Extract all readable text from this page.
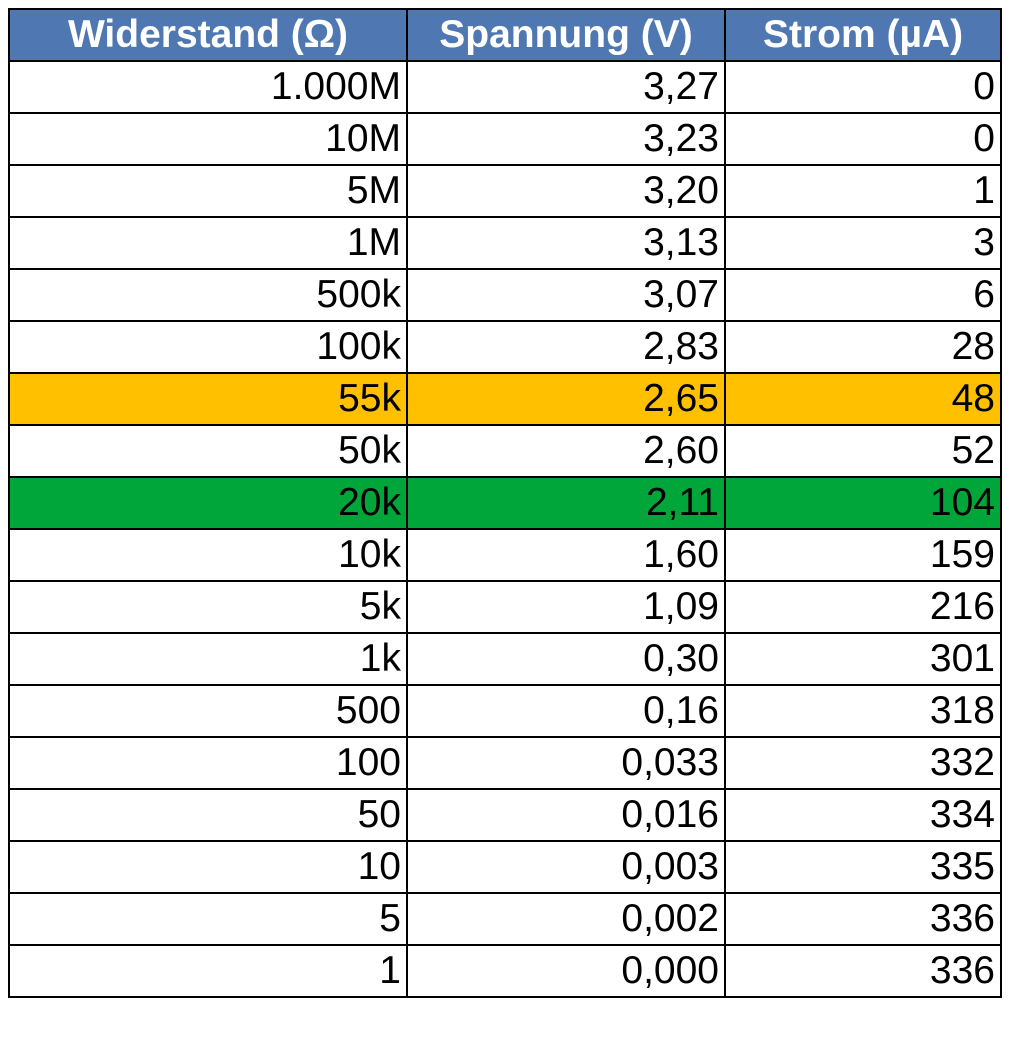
Widerstand (Ω)	Spannung (V)	Strom (µA)
1.000M	3,27	0
10M	3,23	0
5M	3,20	1
1M	3,13	3
500k	3,07	6
100k	2,83	28
55k	2,65	48
50k	2,60	52
20k	2,11	104
10k	1,60	159
5k	1,09	216
1k	0,30	301
500	0,16	318
100	0,033	332
50	0,016	334
10	0,003	335
5	0,002	336
1	0,000	336
